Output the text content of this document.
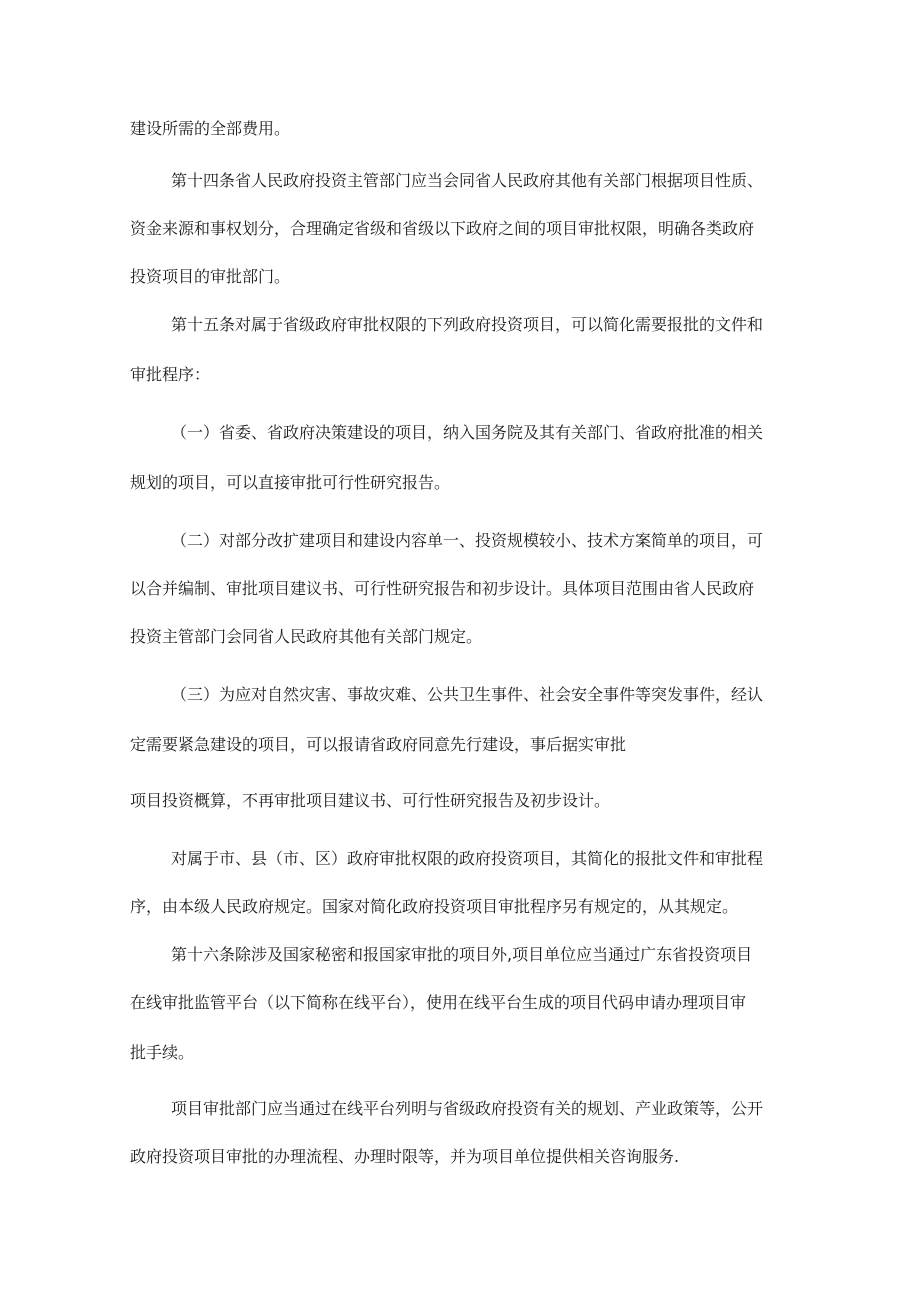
建设所需的全部费用。
第十四条省人民政府投资主管部门应当会同省人民政府其他有关部门根据项目性质、
资金来源和事权划分，合理确定省级和省级以下政府之间的项目审批权限，明确各类政府
投资项目的审批部门。
第十五条对属于省级政府审批权限的下列政府投资项目，可以简化需要报批的文件和
审批程序：
（一）省委、省政府决策建设的项目，纳入国务院及其有关部门、省政府批准的相关
规划的项目，可以直接审批可行性研究报告。
（二）对部分改扩建项目和建设内容单一、投资规模较小、技术方案简单的项目，可
以合并编制、审批项目建议书、可行性研究报告和初步设计。具体项目范围由省人民政府
投资主管部门会同省人民政府其他有关部门规定。
（三）为应对自然灾害、事故灾难、公共卫生事件、社会安全事件等突发事件，经认
定需要紧急建设的项目，可以报请省政府同意先行建设，事后据实审批
项目投资概算，不再审批项目建议书、可行性研究报告及初步设计。
对属于市、县（市、区）政府审批权限的政府投资项目，其简化的报批文件和审批程
序，由本级人民政府规定。国家对简化政府投资项目审批程序另有规定的，从其规定。
第十六条除涉及国家秘密和报国家审批的项目外,项目单位应当通过广东省投资项目
在线审批监管平台（以下简称在线平台），使用在线平台生成的项目代码申请办理项目审
批手续。
项目审批部门应当通过在线平台列明与省级政府投资有关的规划、产业政策等，公开
政府投资项目审批的办理流程、办理时限等，并为项目单位提供相关咨询服务.
